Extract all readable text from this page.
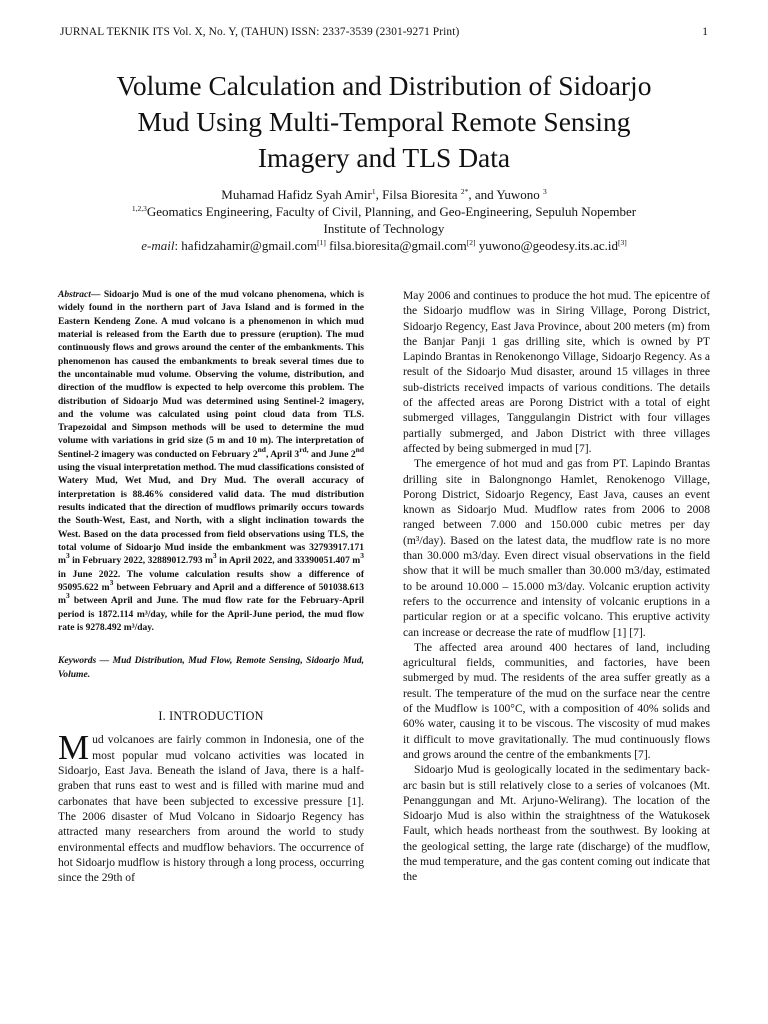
JURNAL TEKNIK ITS Vol. X, No. Y, (TAHUN) ISSN: 2337-3539 (2301-9271 Print)	1
Volume Calculation and Distribution of Sidoarjo
Mud Using Multi-Temporal Remote Sensing
Imagery and TLS Data
Muhamad Hafidz Syah Amir$^1$, Filsa Bioresita $^{2*}$, and Yuwono $^3$
$^{1,2,3}$Geomatics Engineering, Faculty of Civil, Planning, and Geo-Engineering, Sepuluh Nopember
Institute of Technology
e-mail: hafidzahamir@gmail.com[1] filsa.bioresita@gmail.com[2] yuwono@geodesy.its.ac.id[3]

Abstract— Sidoarjo Mud is one of the mud volcano phenomena, which is widely found in the northern part of Java Island and is formed in the Eastern Kendeng Zone. A mud volcano is a phenomenon in which mud material is released from the Earth due to pressure (eruption). The mud continuously flows and grows around the center of the embankments. This phenomenon has caused the embankments to break several times due to the uncontainable mud volume. Observing the volume, distribution, and direction of the mudflow is expected to help overcome this problem. The distribution of Sidoarjo Mud was determined using Sentinel-2 imagery, and the volume was calculated using point cloud data from TLS. Trapezoidal and Simpson methods will be used to determine the mud volume with variations in grid size (5 m and 10 m). The interpretation of Sentinel-2 imagery was conducted on February 2nd, April $3^{rd,}$ and June 2nd using the visual interpretation method. The mud classifications consisted of Watery Mud, Wet Mud, and Dry Mud. The overall accuracy of interpretation is 88.46% considered valid data. The mud distribution results indicated that the direction of mudflows primarily occurs towards the South-West, East, and North, with a slight inclination towards the West. Based on the data processed from field observations using TLS, the total volume of Sidoarjo Mud inside the embankment was 32793917.171 $m^3$ in February 2022, 32889012.793 $m^3$ in April 2022, and 33390051.407 $m^3$ in June 2022. The volume calculation results show a difference of 95095.622 $m^3$ between February and April and a difference of 501038.613 $m^3$ between April and June. The mud flow rate for the February-April period is 1872.114 m³/day, while for the April-June period, the mud flow rate is 9278.492 m³/day.

Keywords — Mud Distribution, Mud Flow, Remote Sensing, Sidoarjo Mud, Volume.

I. INTRODUCTION

Mud volcanoes are fairly common in Indonesia, one of the most popular mud volcano activities was located in Sidoarjo, East Java. Beneath the island of Java, there is a half-graben that runs east to west and is filled with marine mud and carbonates that have been subjected to excessive pressure [1]. The 2006 disaster of Mud Volcano in Sidoarjo Regency has attracted many researchers from around the world to study environmental effects and mudflow behaviors. The occurrence of hot Sidoarjo mudflow is history through a long process, occurring since the 29th of

May 2006 and continues to produce the hot mud. The epicentre of the Sidoarjo mudflow was in Siring Village, Porong District, Sidoarjo Regency, East Java Province, about 200 meters (m) from the Banjar Panji 1 gas drilling site, which is owned by PT Lapindo Brantas in Renokenongo Village, Sidoarjo Regency. As a result of the Sidoarjo Mud disaster, around 15 villages in three sub-districts received impacts of various conditions. The details of the affected areas are Porong District with a total of eight submerged villages, Tanggulangin District with four villages partially submerged, and Jabon District with three villages affected by being submerged in mud [7].

The emergence of hot mud and gas from PT. Lapindo Brantas drilling site in Balongnongo Hamlet, Renokenogo Village, Porong District, Sidoarjo Regency, East Java, causes an event known as Sidoarjo Mud. Mudflow rates from 2006 to 2008 ranged between 7.000 and 150.000 cubic metres per day (m³/day). Based on the latest data, the mudflow rate is no more than 30.000 m3/day. Even direct visual observations in the field show that it will be much smaller than 30.000 m3/day, estimated to be around 10.000 – 15.000 m3/day. Volcanic eruption activity refers to the occurrence and intensity of volcanic eruptions in a particular region or at a specific volcano. This eruptive activity can increase or decrease the rate of mudflow [1] [7].

The affected area around 400 hectares of land, including agricultural fields, communities, and factories, have been submerged by mud. The residents of the area suffer greatly as a result. The temperature of the mud on the surface near the centre of the Mudflow is 100°C, with a composition of 40% solids and 60% water, causing it to be viscous. The viscosity of mud makes it difficult to move gravitationally. The mud continuously flows and grows around the centre of the embankments [7].

Sidoarjo Mud is geologically located in the sedimentary back-arc basin but is still relatively close to a series of volcanoes (Mt. Penanggungan and Mt. Arjuno-Welirang). The location of the Sidoarjo Mud is also within the straightness of the Watukosek Fault, which heads northeast from the southwest. By looking at the geological setting, the large rate (discharge) of the mudflow, the mud temperature, and the gas content coming out indicate that the
